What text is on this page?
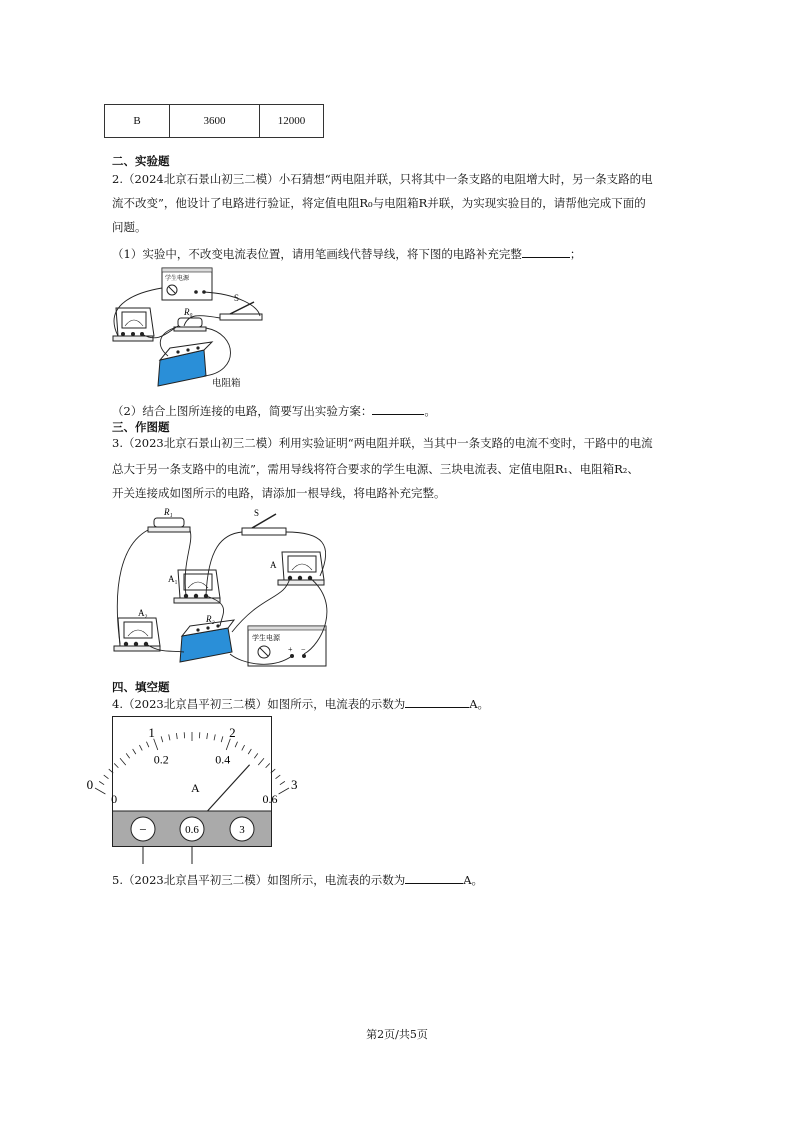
B	3600	12000
二、实验题
2.（2024北京石景山初三二模）小石猜想“两电阻并联，只将其中一条支路的电阻增大时，另一条支路的电
流不改变”，他设计了电路进行验证，将定值电阻R₀与电阻箱R并联，为实现实验目的，请帮他完成下面的
问题。
（1）实验中，不改变电流表位置，请用笔画线代替导线，将下图的电路补充完整	；
学生电源
R₀
S
电阻箱
（2）结合上图所连接的电路，简要写出实验方案：	。
三、作图题
3.（2023北京石景山初三二模）利用实验证明“两电阻并联，当其中一条支路的电流不变时，干路中的电流
总大于另一条支路中的电流”，需用导线将符合要求的学生电源、三块电流表、定值电阻R₁、电阻箱R₂、
开关连接成如图所示的电路，请添加一根导线，将电路补充完整。
R₁	S
A₁
A
A₂
R₂
学生电源
+ −
四、填空题
4.（2023北京昌平初三二模）如图所示，电流表的示数为	A。
0
1	2
3
0
0.2	0.4
0.6
A
−	0.6	3
5.（2023北京昌平初三二模）如图所示，电流表的示数为	A。
第2页/共5页
